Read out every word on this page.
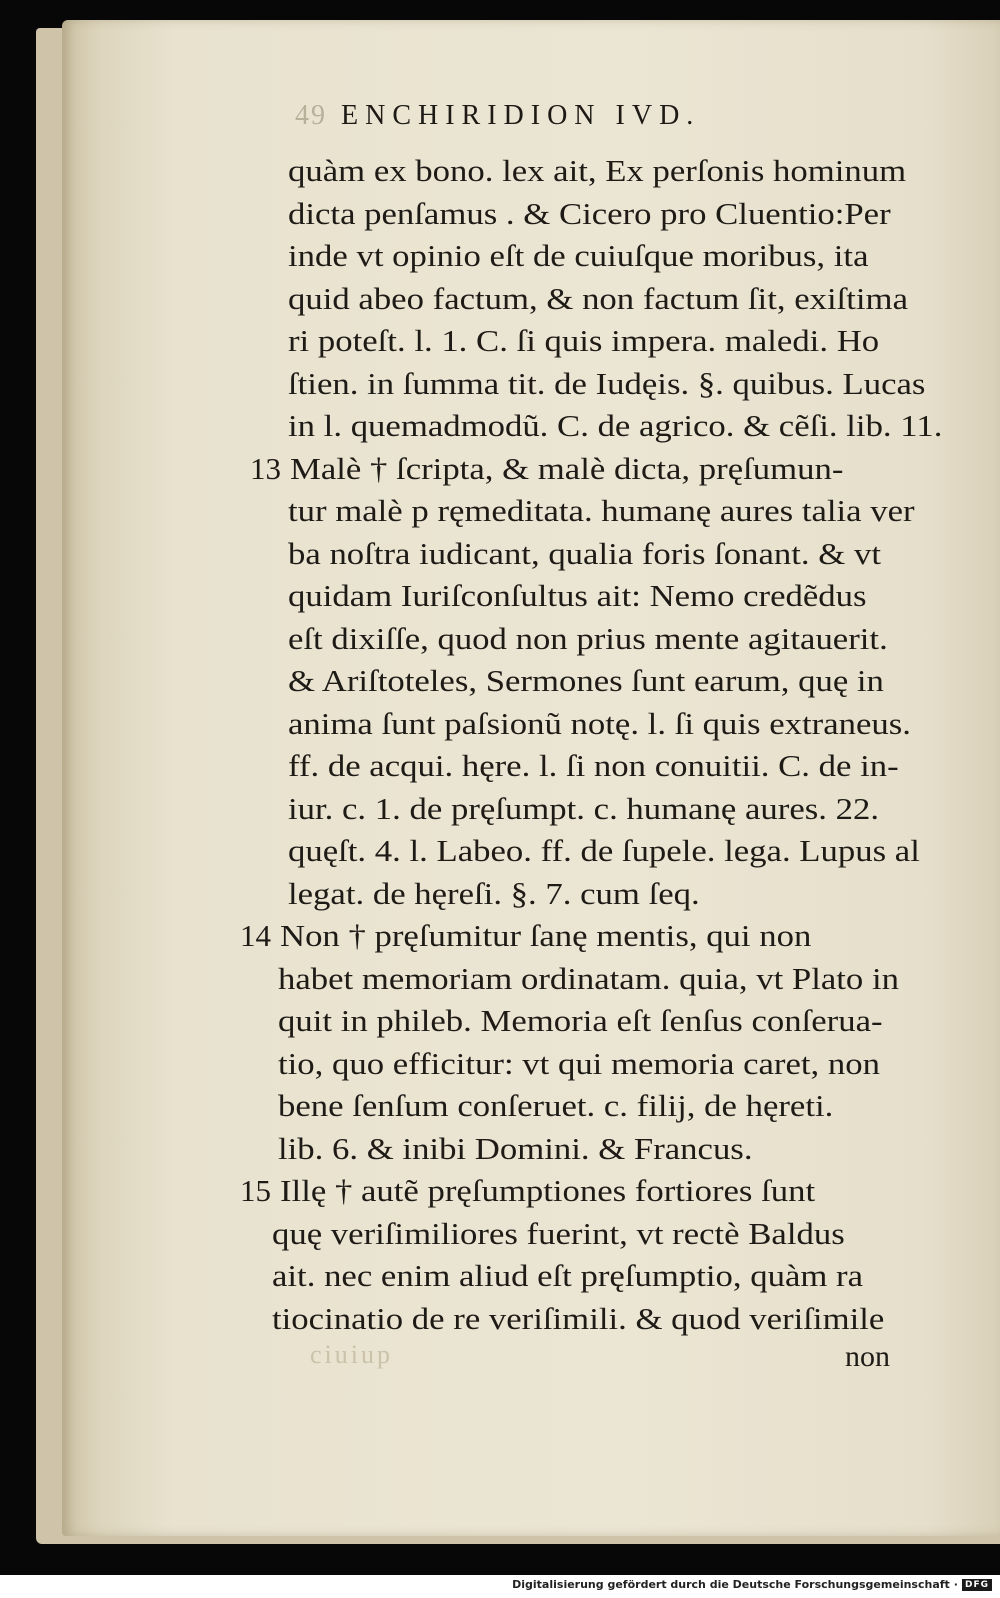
49 ENCHIRIDION IVD.
quàm ex bono. lex ait, Ex perſonis hominum
dicta penſamus . & Cicero pro Cluentio:Per
inde vt opinio eſt de cuiuſque moribus, ita
quid abeo factum, & non factum ſit, exiſtima
ri poteſt. l. 1. C. ſi quis impera. maledi. Ho
ſtien. in ſumma tit. de Iudęis. §. quibus. Lucas
in l. quemadmodũ. C. de agrico. & cẽſi. lib. 11.
13 Malè † ſcripta, & malè dicta, pręſumun-
tur malè p ręmeditata. humanę aures talia ver
ba noſtra iudicant, qualia foris ſonant. & vt
quidam Iuriſconſultus ait: Nemo credẽdus
eſt dixiſſe, quod non prius mente agitauerit.
& Ariſtoteles, Sermones ſunt earum, quę in
anima ſunt paſsionũ notę. l. ſi quis extraneus.
ff. de acqui. hęre. l. ſi non conuitii. C. de in-
iur. c. 1. de pręſumpt. c. humanę aures. 22.
quęſt. 4. l. Labeo. ff. de ſupele. lega. Lupus al
legat. de hęreſi. §. 7. cum ſeq.
14 Non † pręſumitur ſanę mentis, qui non
habet memoriam ordinatam. quia, vt Plato in
quit in phileb. Memoria eſt ſenſus conſerua-
tio, quo efficitur: vt qui memoria caret, non
bene ſenſum conſeruet. c. filij, de hęreti.
lib. 6. & inibi Domini. & Francus.
15 Illę † autẽ pręſumptiones fortiores ſunt
quę veriſimiliores fuerint, vt rectè Baldus
ait. nec enim aliud eſt pręſumptio, quàm ra
tiocinatio de re veriſimili. & quod veriſimile
ciuiup	non
Digitalisierung gefördert durch die Deutsche Forschungsgemeinschaft · DFG
